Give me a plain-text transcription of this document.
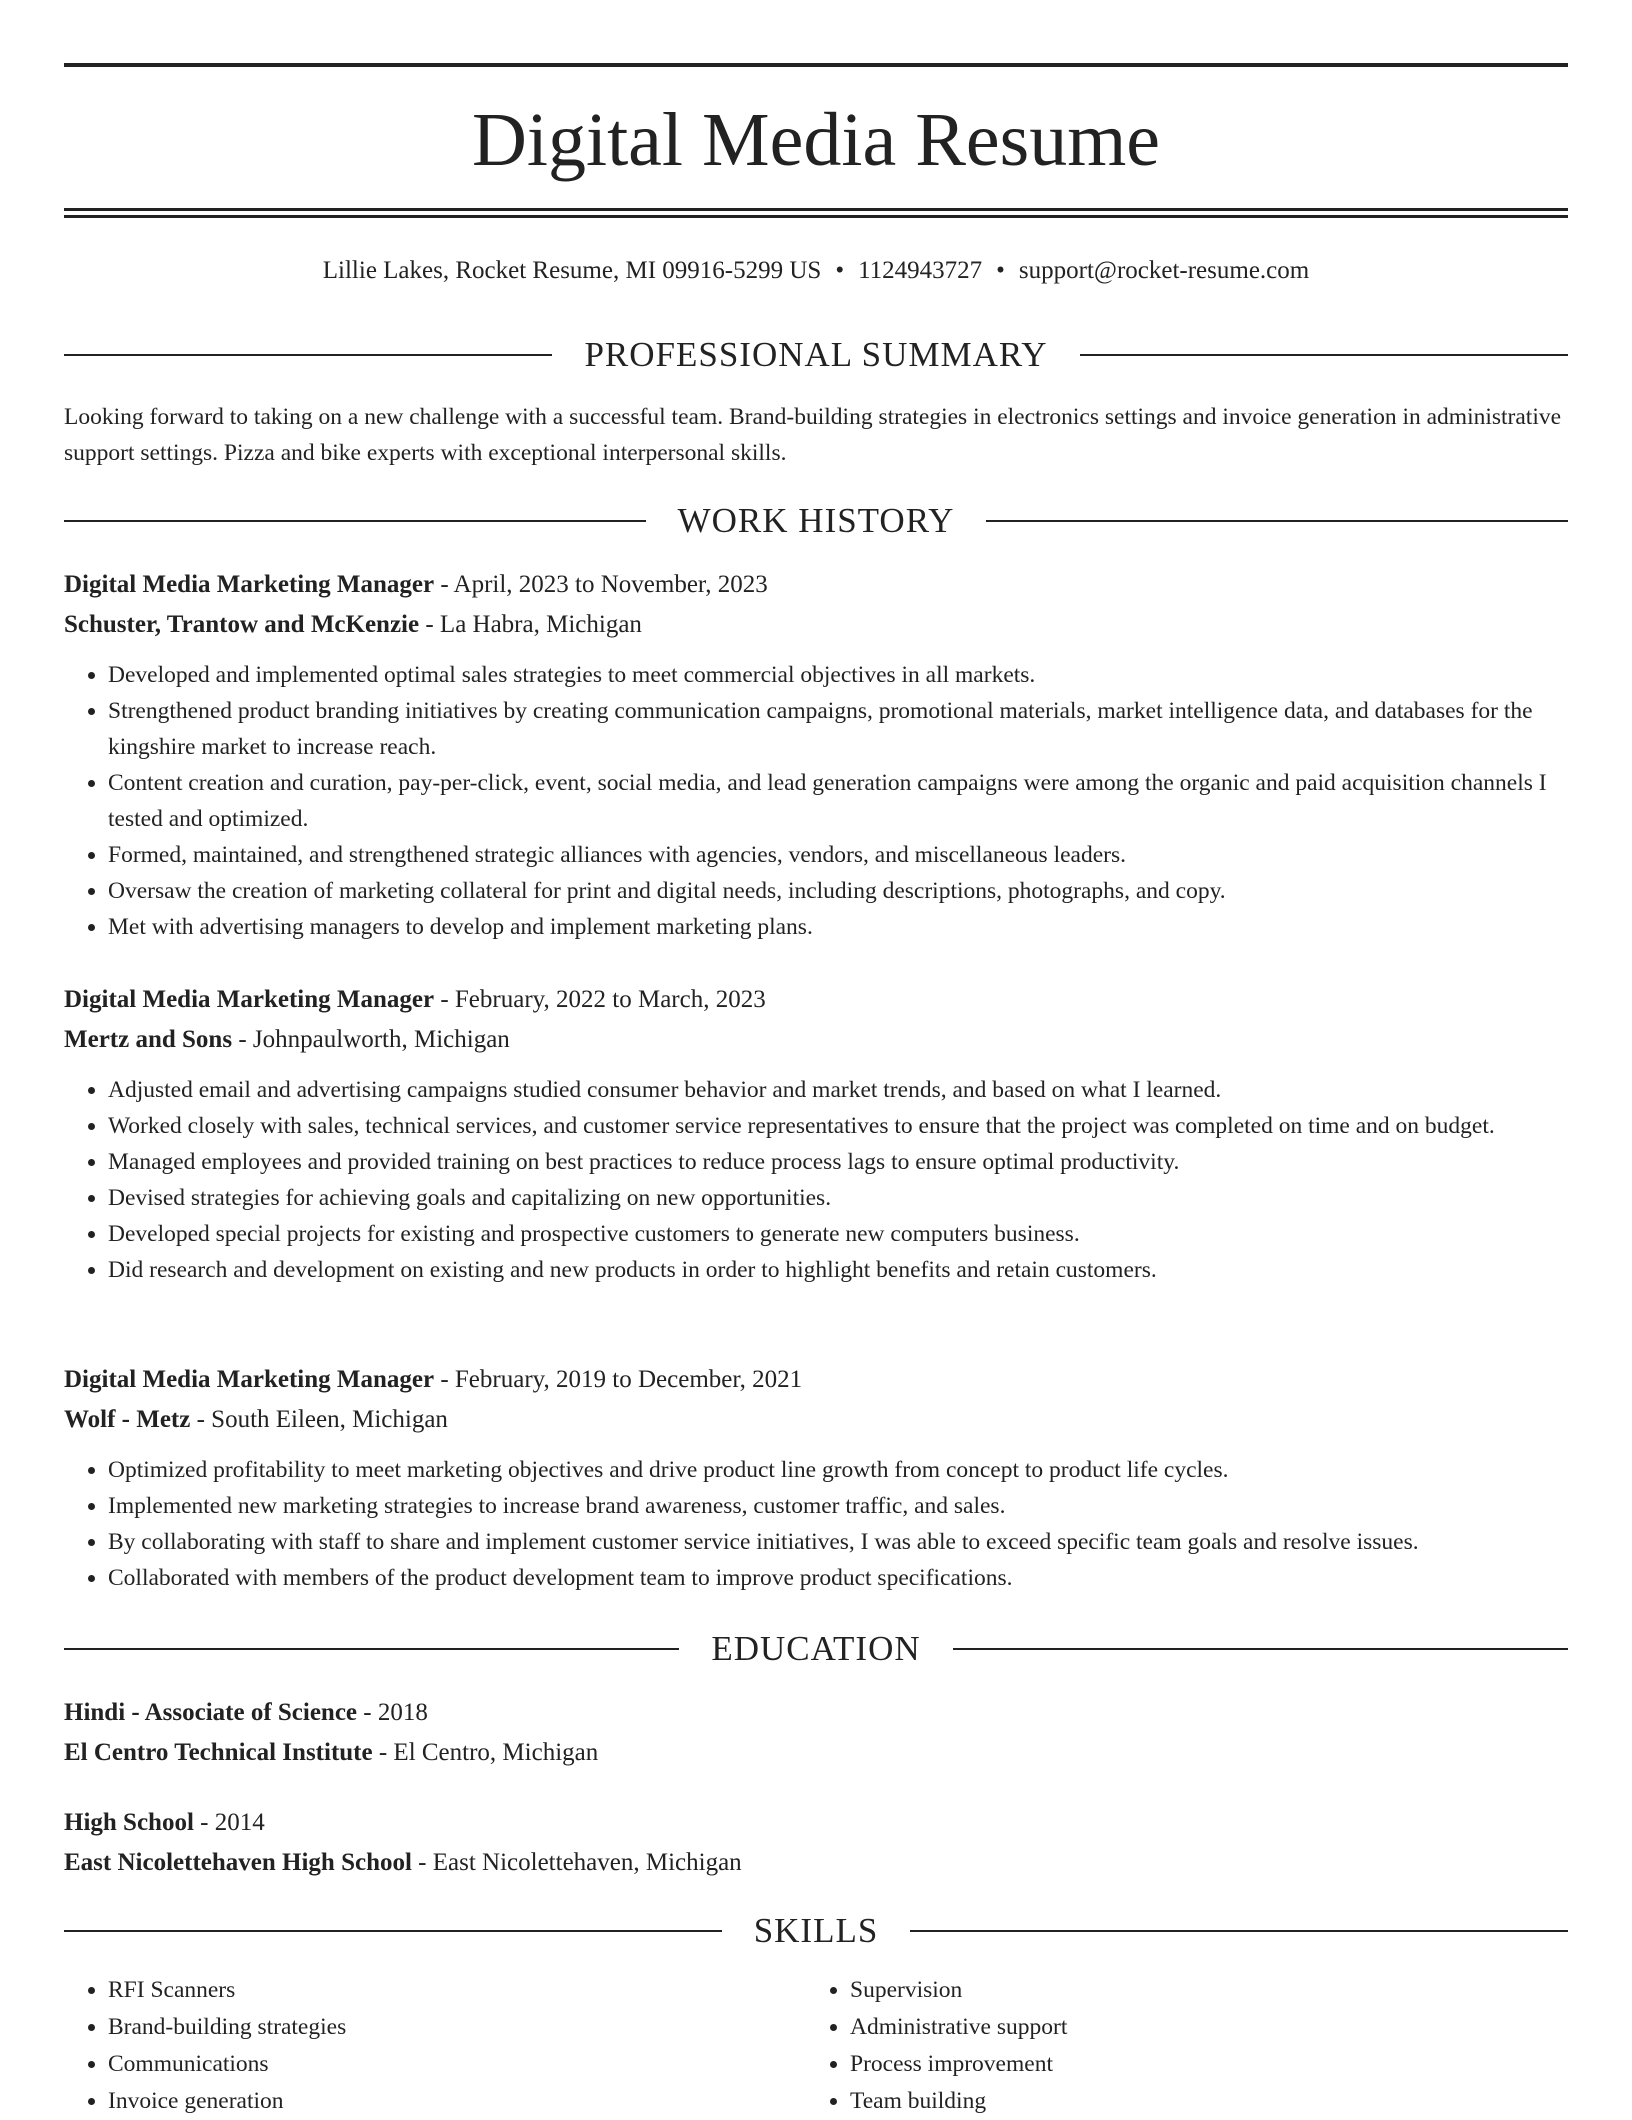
Digital Media Resume
Lillie Lakes, Rocket Resume, MI 09916-5299 US • 1124943727 • support@rocket-resume.com
PROFESSIONAL SUMMARY

Looking forward to taking on a new challenge with a successful team. Brand-building strategies in electronics settings and invoice generation in administrative support settings. Pizza and bike experts with exceptional interpersonal skills.

WORK HISTORY

Digital Media Marketing Manager - April, 2023 to November, 2023

Schuster, Trantow and McKenzie - La Habra, Michigan

• Developed and implemented optimal sales strategies to meet commercial objectives in all markets.
• Strengthened product branding initiatives by creating communication campaigns, promotional materials, market intelligence data, and databases for the kingshire market to increase reach.
• Content creation and curation, pay-per-click, event, social media, and lead generation campaigns were among the organic and paid acquisition channels I tested and optimized.
• Formed, maintained, and strengthened strategic alliances with agencies, vendors, and miscellaneous leaders.
• Oversaw the creation of marketing collateral for print and digital needs, including descriptions, photographs, and copy.
• Met with advertising managers to develop and implement marketing plans.

Digital Media Marketing Manager - February, 2022 to March, 2023

Mertz and Sons - Johnpaulworth, Michigan

• Adjusted email and advertising campaigns studied consumer behavior and market trends, and based on what I learned.
• Worked closely with sales, technical services, and customer service representatives to ensure that the project was completed on time and on budget.
• Managed employees and provided training on best practices to reduce process lags to ensure optimal productivity.
• Devised strategies for achieving goals and capitalizing on new opportunities.
• Developed special projects for existing and prospective customers to generate new computers business.
• Did research and development on existing and new products in order to highlight benefits and retain customers.

Digital Media Marketing Manager - February, 2019 to December, 2021

Wolf - Metz - South Eileen, Michigan

• Optimized profitability to meet marketing objectives and drive product line growth from concept to product life cycles.
• Implemented new marketing strategies to increase brand awareness, customer traffic, and sales.
• By collaborating with staff to share and implement customer service initiatives, I was able to exceed specific team goals and resolve issues.
• Collaborated with members of the product development team to improve product specifications.
EDUCATION

Hindi - Associate of Science - 2018

El Centro Technical Institute - El Centro, Michigan

High School - 2014

East Nicolettehaven High School - East Nicolettehaven, Michigan

SKILLS
• RFI Scanners
• Brand-building strategies
• Communications
• Invoice generation
• Supervision
• Administrative support
• Process improvement
• Team building
